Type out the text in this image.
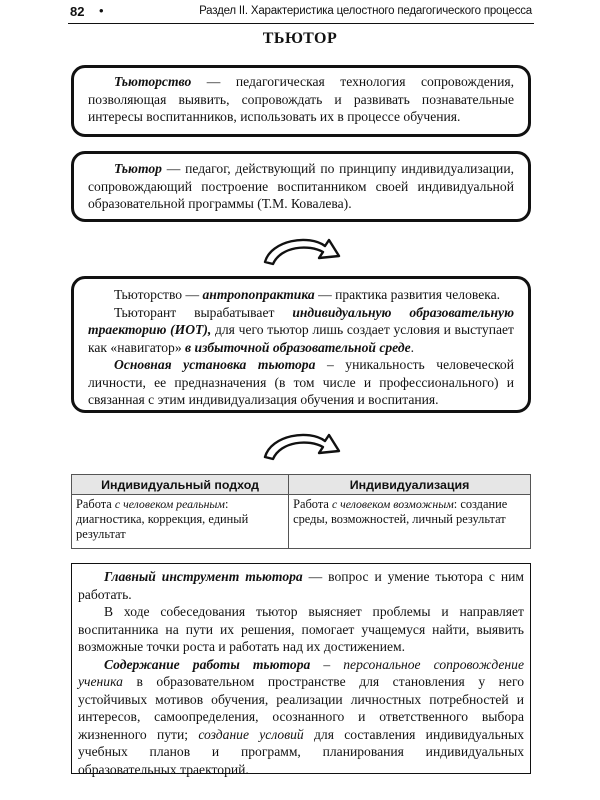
82 •	Раздел II. Характеристика целостного педагогического процесса
ТЬЮТОР

Тьюторство — педагогическая технология сопровождения, позволяющая выявить, сопровождать и развивать познавательные интересы воспитанников, использовать их в процессе обучения.

Тьютор — педагог, действующий по принципу индивидуализации, сопровождающий построение воспитанником своей индивидуальной образовательной программы (Т.М. Ковалева).

Тьюторство — антропопрактика — практика развития человека.

Тьюторант вырабатывает индивидуальную образовательную траекторию (ИОТ), для чего тьютор лишь создает условия и выступает как «навигатор» в избыточной образовательной среде.

Основная установка тьютора – уникальность человеческой личности, ее предназначения (в том числе и профессионального) и связанная с этим индивидуализация обучения и воспитания.

Индивидуальный подход	Индивидуализация
Работа с человеком реальным: диагностика, коррекция, единый результат	Работа с человеком возможным: создание среды, возможностей, личный результат

Главный инструмент тьютора — вопрос и умение тьютора с ним работать.

В ходе собеседования тьютор выясняет проблемы и направляет воспитанника на пути их решения, помогает учащемуся найти, выявить возможные точки роста и работать над их достижением.

Содержание работы тьютора – персональное сопровождение ученика в образовательном пространстве для становления у него устойчивых мотивов обучения, реализации личностных потребностей и интересов, самоопределения, осознанного и ответственного выбора жизненного пути; создание условий для составления индивидуальных учебных планов и программ, планирования индивидуальных образовательных траекторий.
